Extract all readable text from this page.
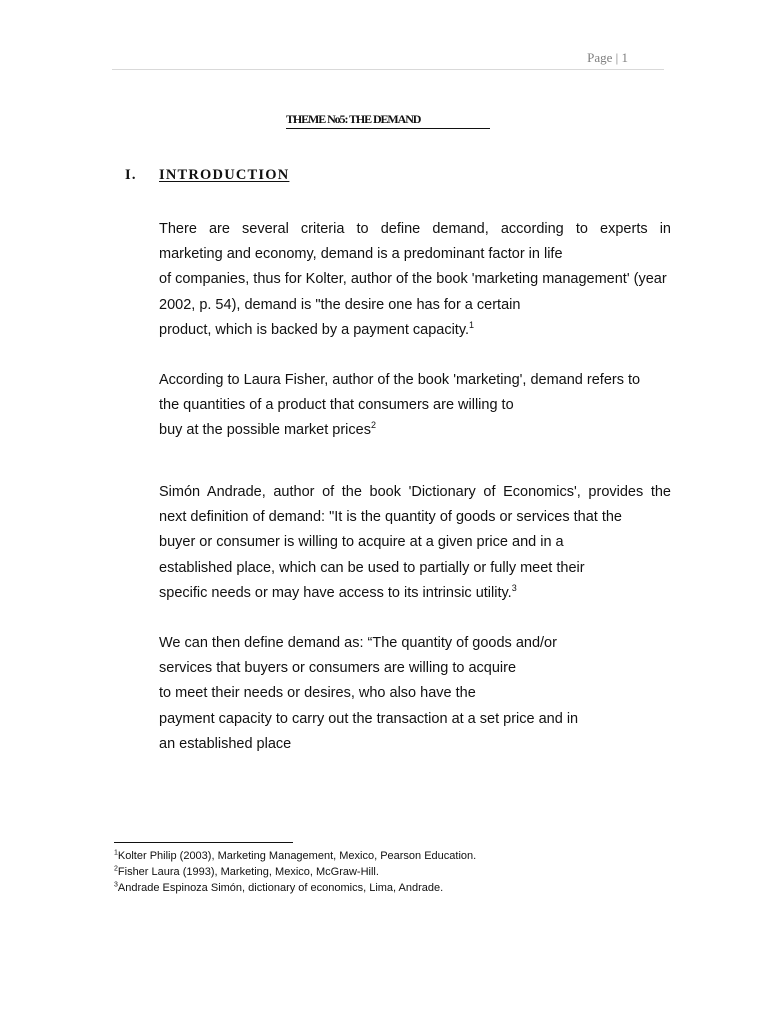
Page | 1
THEME No5: THE DEMAND
I. INTRODUCTION
There are several criteria to define demand, according to experts in
marketing and economy, demand is a predominant factor in life
of companies, thus for Kolter, author of the book 'marketing management' (year
2002, p. 54), demand is "the desire one has for a certain
product, which is backed by a payment capacity.$^1$
According to Laura Fisher, author of the book 'marketing', demand refers to
the quantities of a product that consumers are willing to
buy at the possible market prices$^2$
Simón Andrade, author of the book 'Dictionary of Economics', provides the
next definition of demand: "It is the quantity of goods or services that the
buyer or consumer is willing to acquire at a given price and in a
established place, which can be used to partially or fully meet their
specific needs or may have access to its intrinsic utility.$^3$
We can then define demand as: “The quantity of goods and/or
services that buyers or consumers are willing to acquire
to meet their needs or desires, who also have the
payment capacity to carry out the transaction at a set price and in
an established place
$^1$Kolter Philip (2003), Marketing Management, Mexico, Pearson Education.
$^2$Fisher Laura (1993), Marketing, Mexico, McGraw-Hill.
$^3$Andrade Espinoza Simón, dictionary of economics, Lima, Andrade.
